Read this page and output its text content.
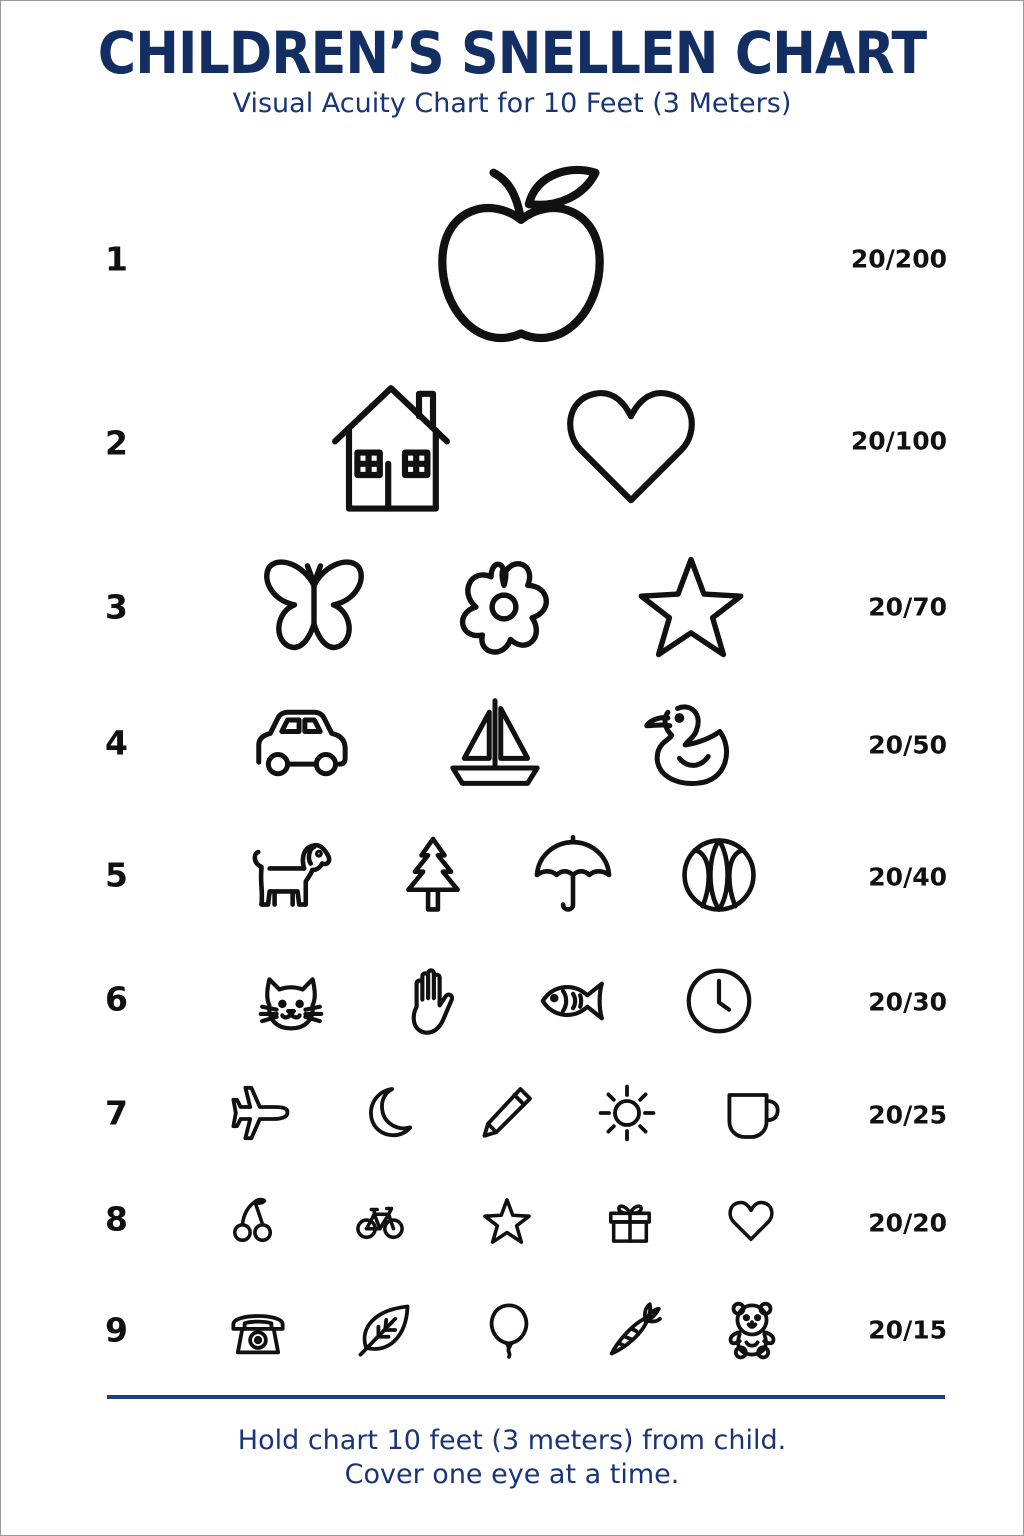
CHILDREN’S SNELLEN CHART
Visual Acuity Chart for 10 Feet (3 Meters)
1	20/200
2	20/100
3	20/70
4	20/50
5	20/40
6	20/30
7	20/25
8	20/20
9	20/15
Hold chart 10 feet (3 meters) from child.
Cover one eye at a time.
